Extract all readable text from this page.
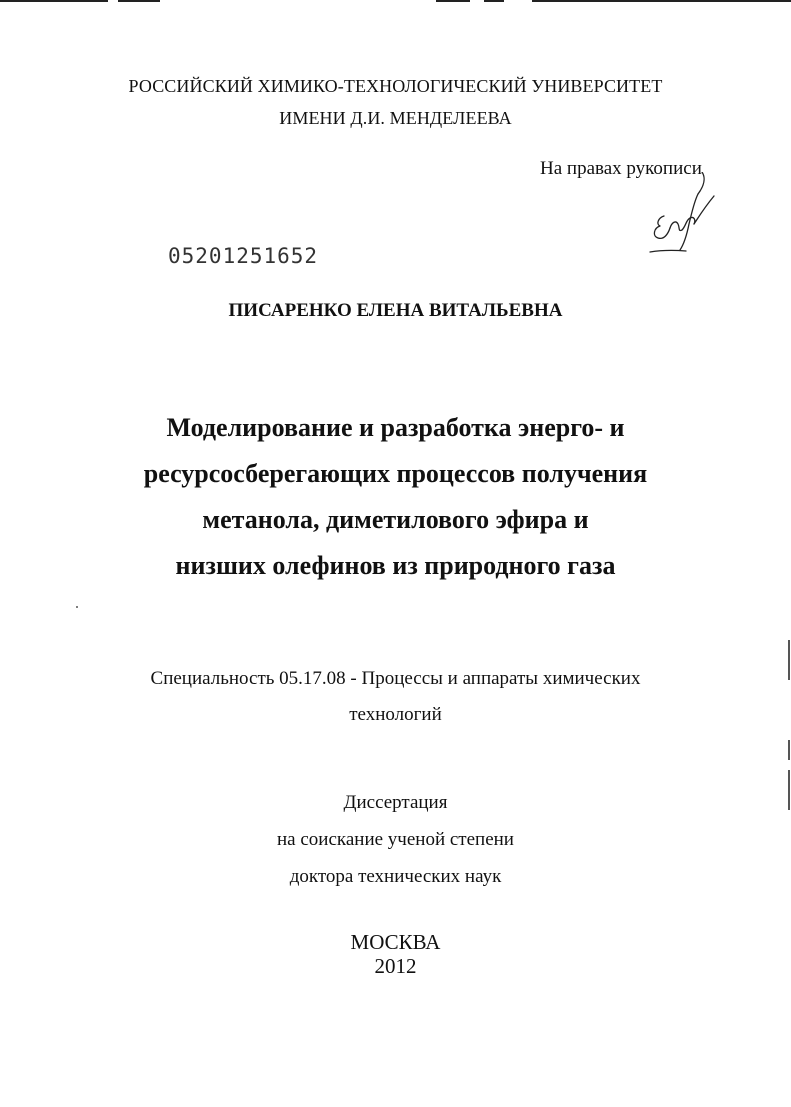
РОССИЙСКИЙ ХИМИКО-ТЕХНОЛОГИЧЕСКИЙ УНИВЕРСИТЕТ
ИМЕНИ Д.И. МЕНДЕЛЕЕВА
На правах рукописи
05201251652
ПИСАРЕНКО ЕЛЕНА ВИТАЛЬЕВНА
Моделирование и разработка энерго- и
ресурсосберегающих процессов получения
метанола, диметилового эфира и
низших олефинов из природного газа
Специальность 05.17.08 - Процессы и аппараты химических
технологий
Диссертация
на соискание ученой степени
доктора технических наук
МОСКВА
2012
